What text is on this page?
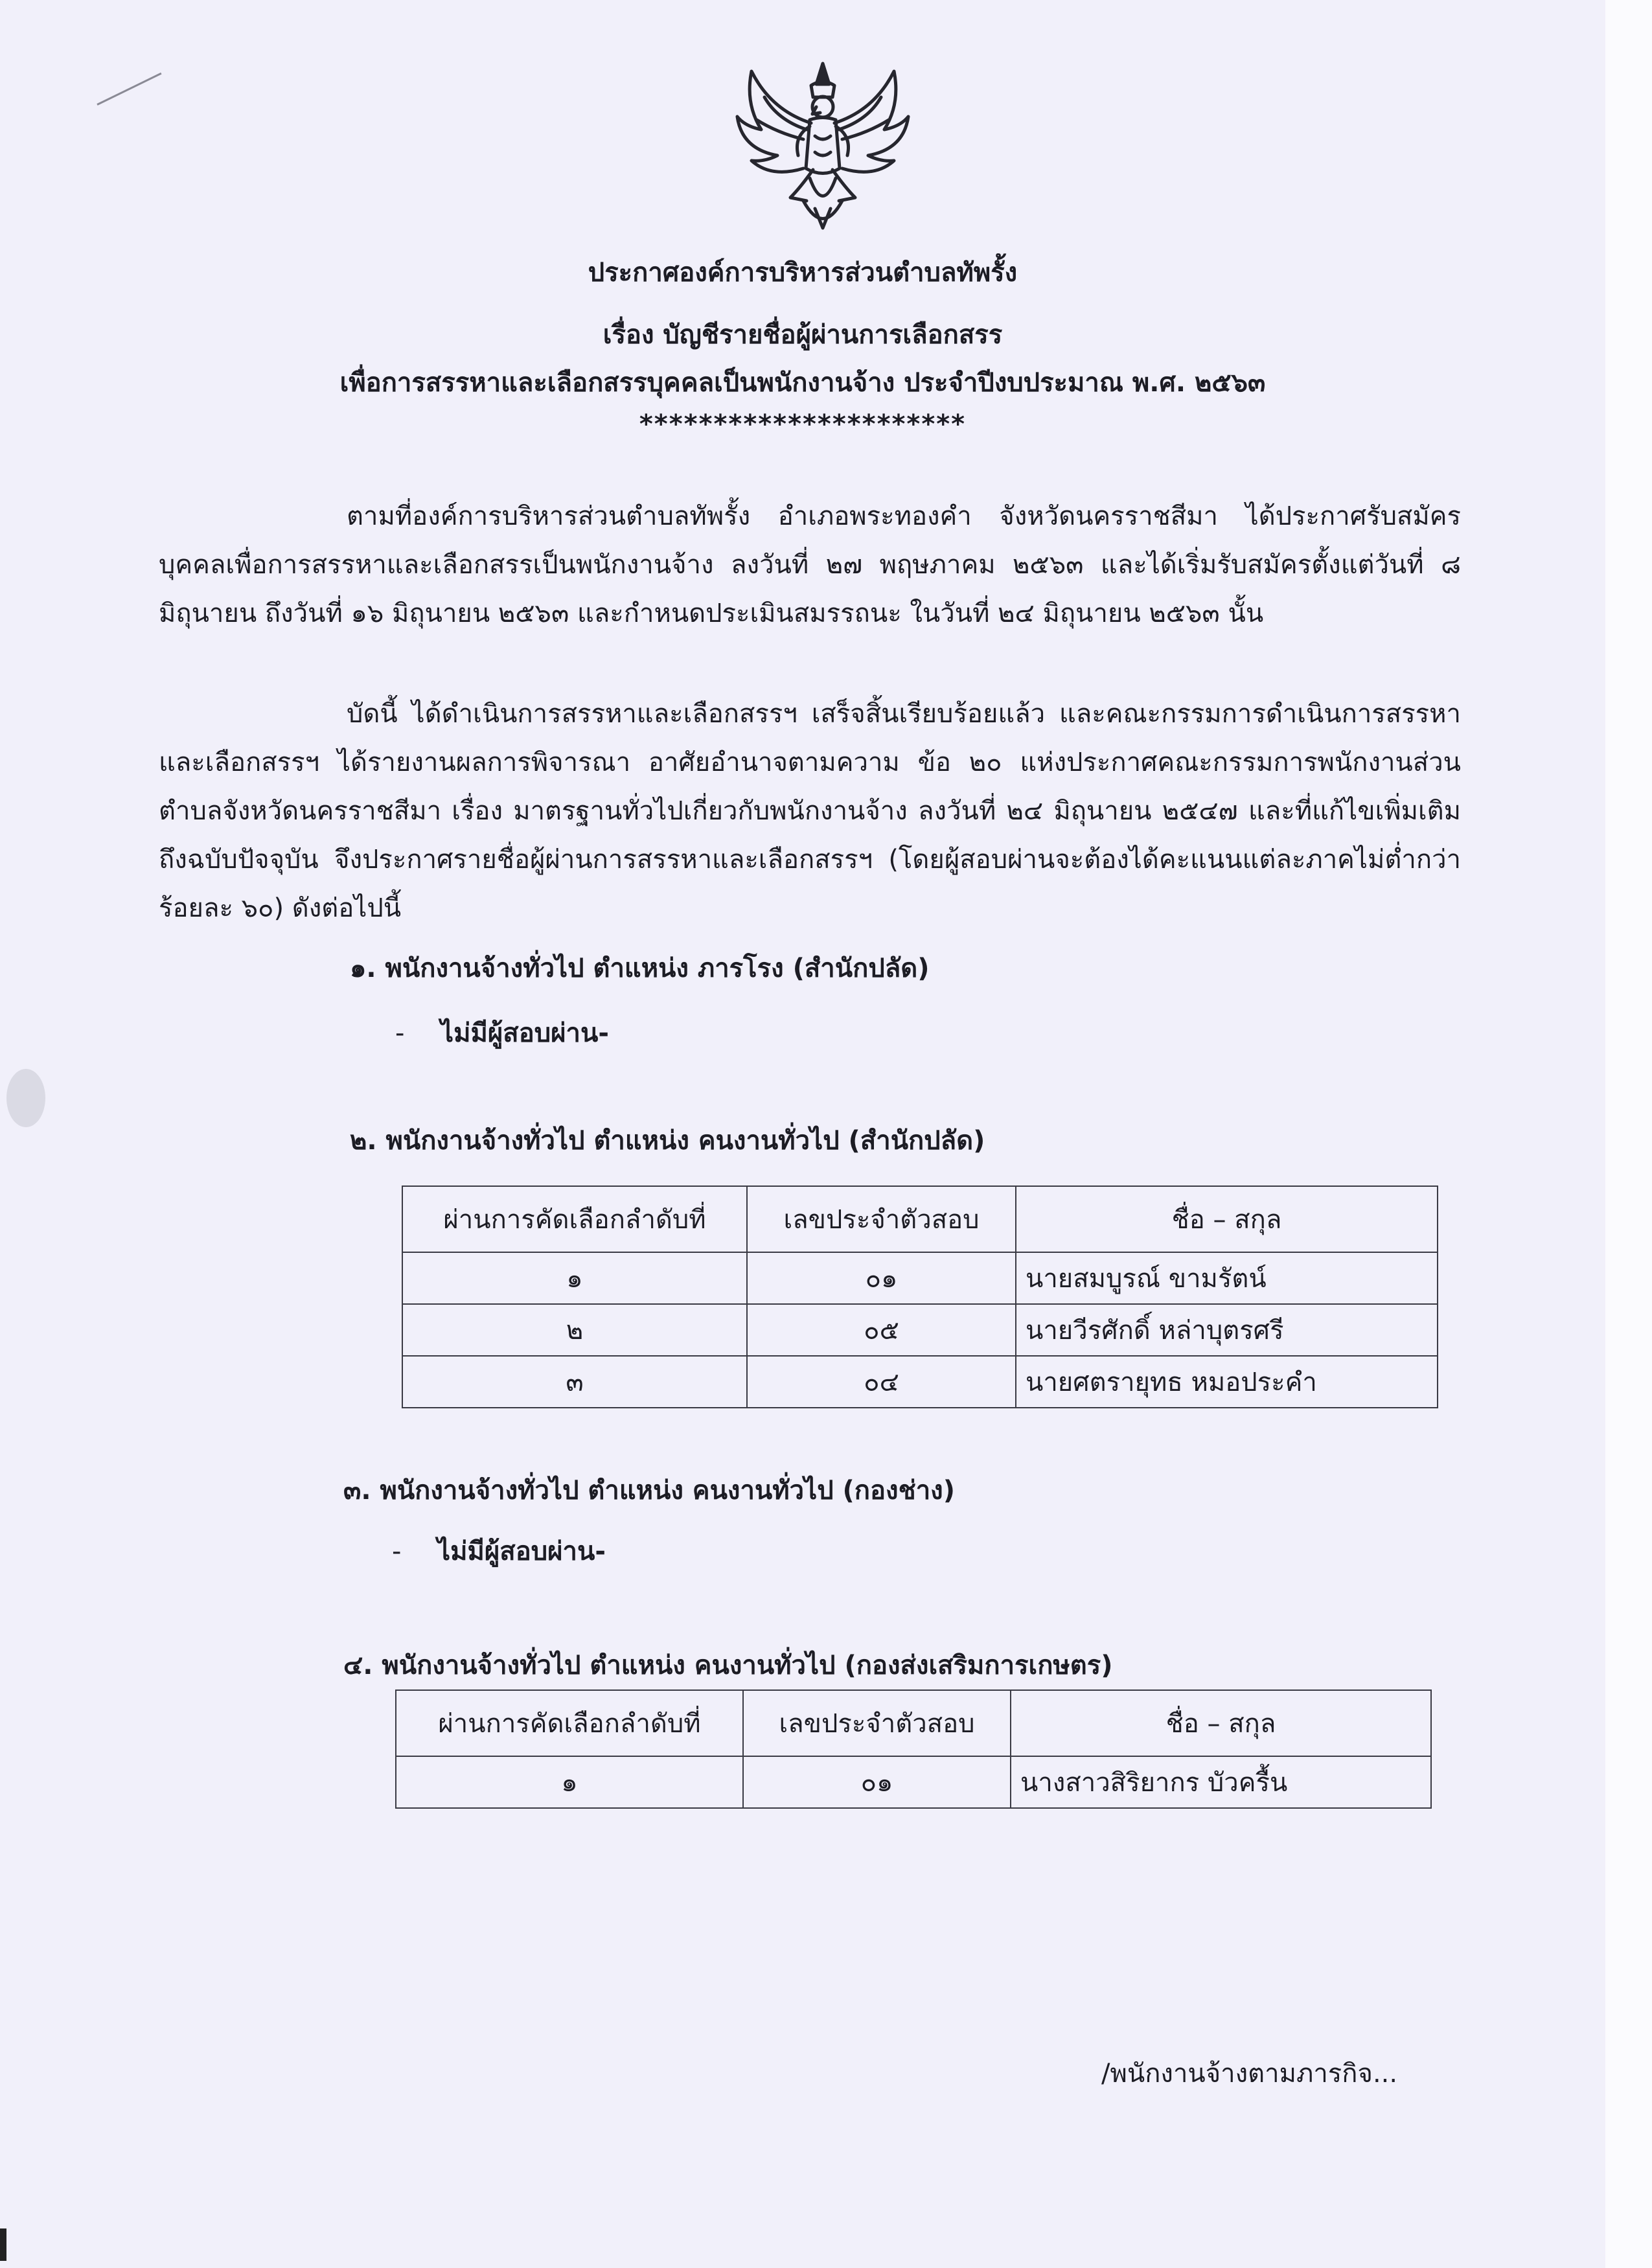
ประกาศองค์การบริหารส่วนตำบลทัพรั้ง
เรื่อง บัญชีรายชื่อผู้ผ่านการเลือกสรร
เพื่อการสรรหาและเลือกสรรบุคคลเป็นพนักงานจ้าง ประจำปีงบประมาณ พ.ศ. ๒๕๖๓
**********************
ตามที่องค์การบริหารส่วนตำบลทัพรั้ง อำเภอพระทองคำ จังหวัดนครราชสีมา ได้ประกาศรับสมัครบุคคลเพื่อการสรรหาและเลือกสรรเป็นพนักงานจ้าง ลงวันที่ ๒๗ พฤษภาคม ๒๕๖๓ และได้เริ่มรับสมัครตั้งแต่วันที่ ๘ มิถุนายน ถึงวันที่ ๑๖ มิถุนายน ๒๕๖๓ และกำหนดประเมินสมรรถนะ ในวันที่ ๒๔ มิถุนายน ๒๕๖๓ นั้น
บัดนี้ ได้ดำเนินการสรรหาและเลือกสรรฯ เสร็จสิ้นเรียบร้อยแล้ว และคณะกรรมการดำเนินการสรรหาและเลือกสรรฯ ได้รายงานผลการพิจารณา อาศัยอำนาจตามความ ข้อ ๒๐ แห่งประกาศคณะกรรมการพนักงานส่วนตำบลจังหวัดนครราชสีมา เรื่อง มาตรฐานทั่วไปเกี่ยวกับพนักงานจ้าง ลงวันที่ ๒๔ มิถุนายน ๒๕๔๗ และที่แก้ไขเพิ่มเติมถึงฉบับปัจจุบัน จึงประกาศรายชื่อผู้ผ่านการสรรหาและเลือกสรรฯ (โดยผู้สอบผ่านจะต้องได้คะแนนแต่ละภาคไม่ต่ำกว่าร้อยละ ๖๐) ดังต่อไปนี้
๑. พนักงานจ้างทั่วไป ตำแหน่ง ภารโรง (สำนักปลัด)
- ไม่มีผู้สอบผ่าน-
๒. พนักงานจ้างทั่วไป ตำแหน่ง คนงานทั่วไป (สำนักปลัด)
ผ่านการคัดเลือกลำดับที่	เลขประจำตัวสอบ	ชื่อ – สกุล
๑	๐๑	นายสมบูรณ์ ขามรัตน์
๒	๐๕	นายวีรศักดิ์ หล่าบุตรศรี
๓	๐๔	นายศตรายุทธ หมอประคำ
๓. พนักงานจ้างทั่วไป ตำแหน่ง คนงานทั่วไป (กองช่าง)
- ไม่มีผู้สอบผ่าน-
๔. พนักงานจ้างทั่วไป ตำแหน่ง คนงานทั่วไป (กองส่งเสริมการเกษตร)
ผ่านการคัดเลือกลำดับที่	เลขประจำตัวสอบ	ชื่อ – สกุล
๑	๐๑	นางสาวสิริยากร บัวครื้น
/พนักงานจ้างตามภารกิจ...
